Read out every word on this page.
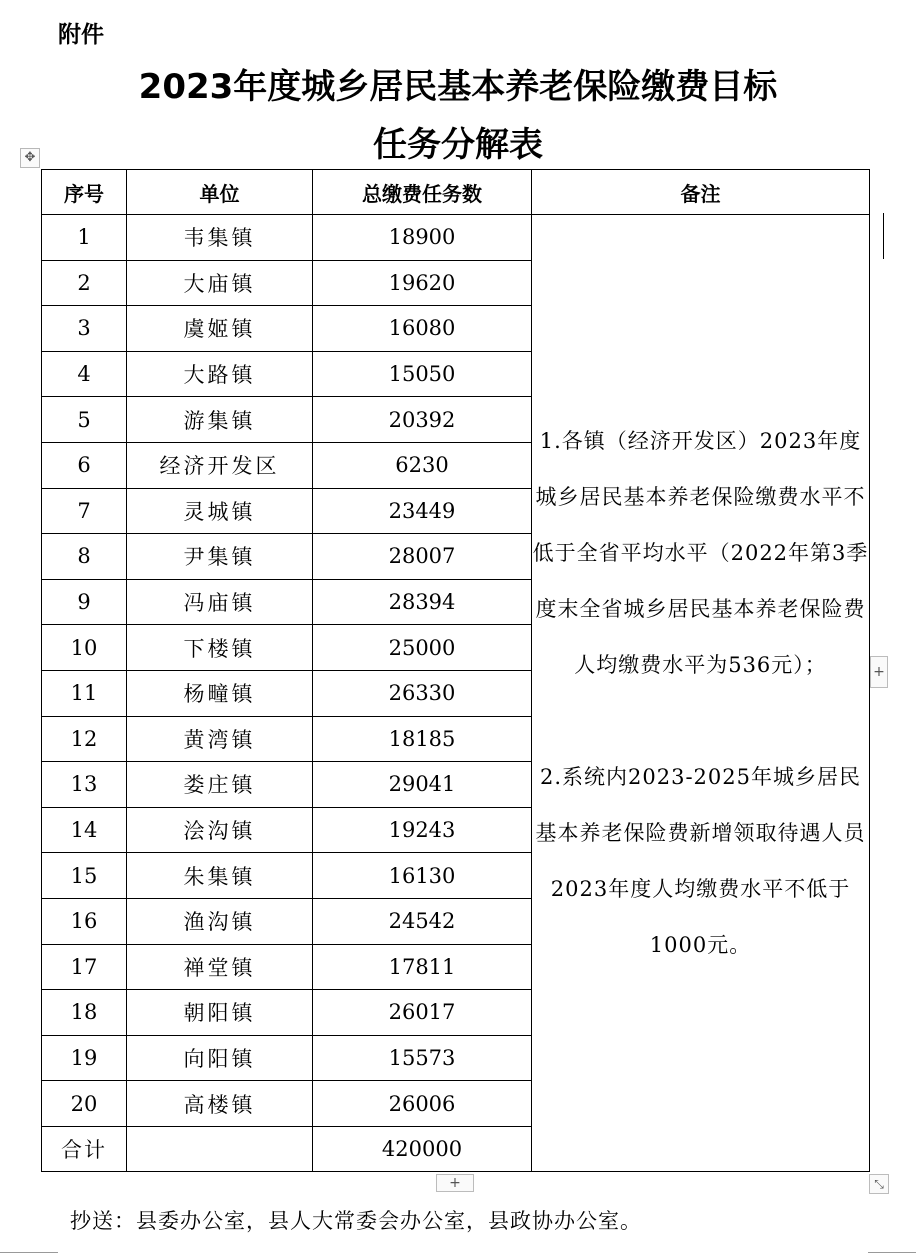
附件
2023年度城乡居民基本养老保险缴费目标
任务分解表
✥
序号	单位	总缴费任务数	备注
1	韦集镇	18900	1.各镇（经济开发区）2023年度城乡居民基本养老保险缴费水平不低于全省平均水平（2022年第3季度末全省城乡居民基本养老保险费人均缴费水平为536元）；

2.系统内2023-2025年城乡居民基本养老保险费新增领取待遇人员2023年度人均缴费水平不低于1000元。

2	大庙镇	19620	
3	虞姬镇	16080	
4	大路镇	15050	
5	游集镇	20392	
6	经济开发区	6230	
7	灵城镇	23449	
8	尹集镇	28007	
9	冯庙镇	28394	
10	下楼镇	25000	
11	杨疃镇	26330	
12	黄湾镇	18185	
13	娄庄镇	29041	
14	浍沟镇	19243	
15	朱集镇	16130	
16	渔沟镇	24542	
17	禅堂镇	17811	
18	朝阳镇	26017	
19	向阳镇	15573	
20	高楼镇	26006	
合计		420000	
+
+	⤡
抄送：县委办公室，县人大常委会办公室，县政协办公室。
